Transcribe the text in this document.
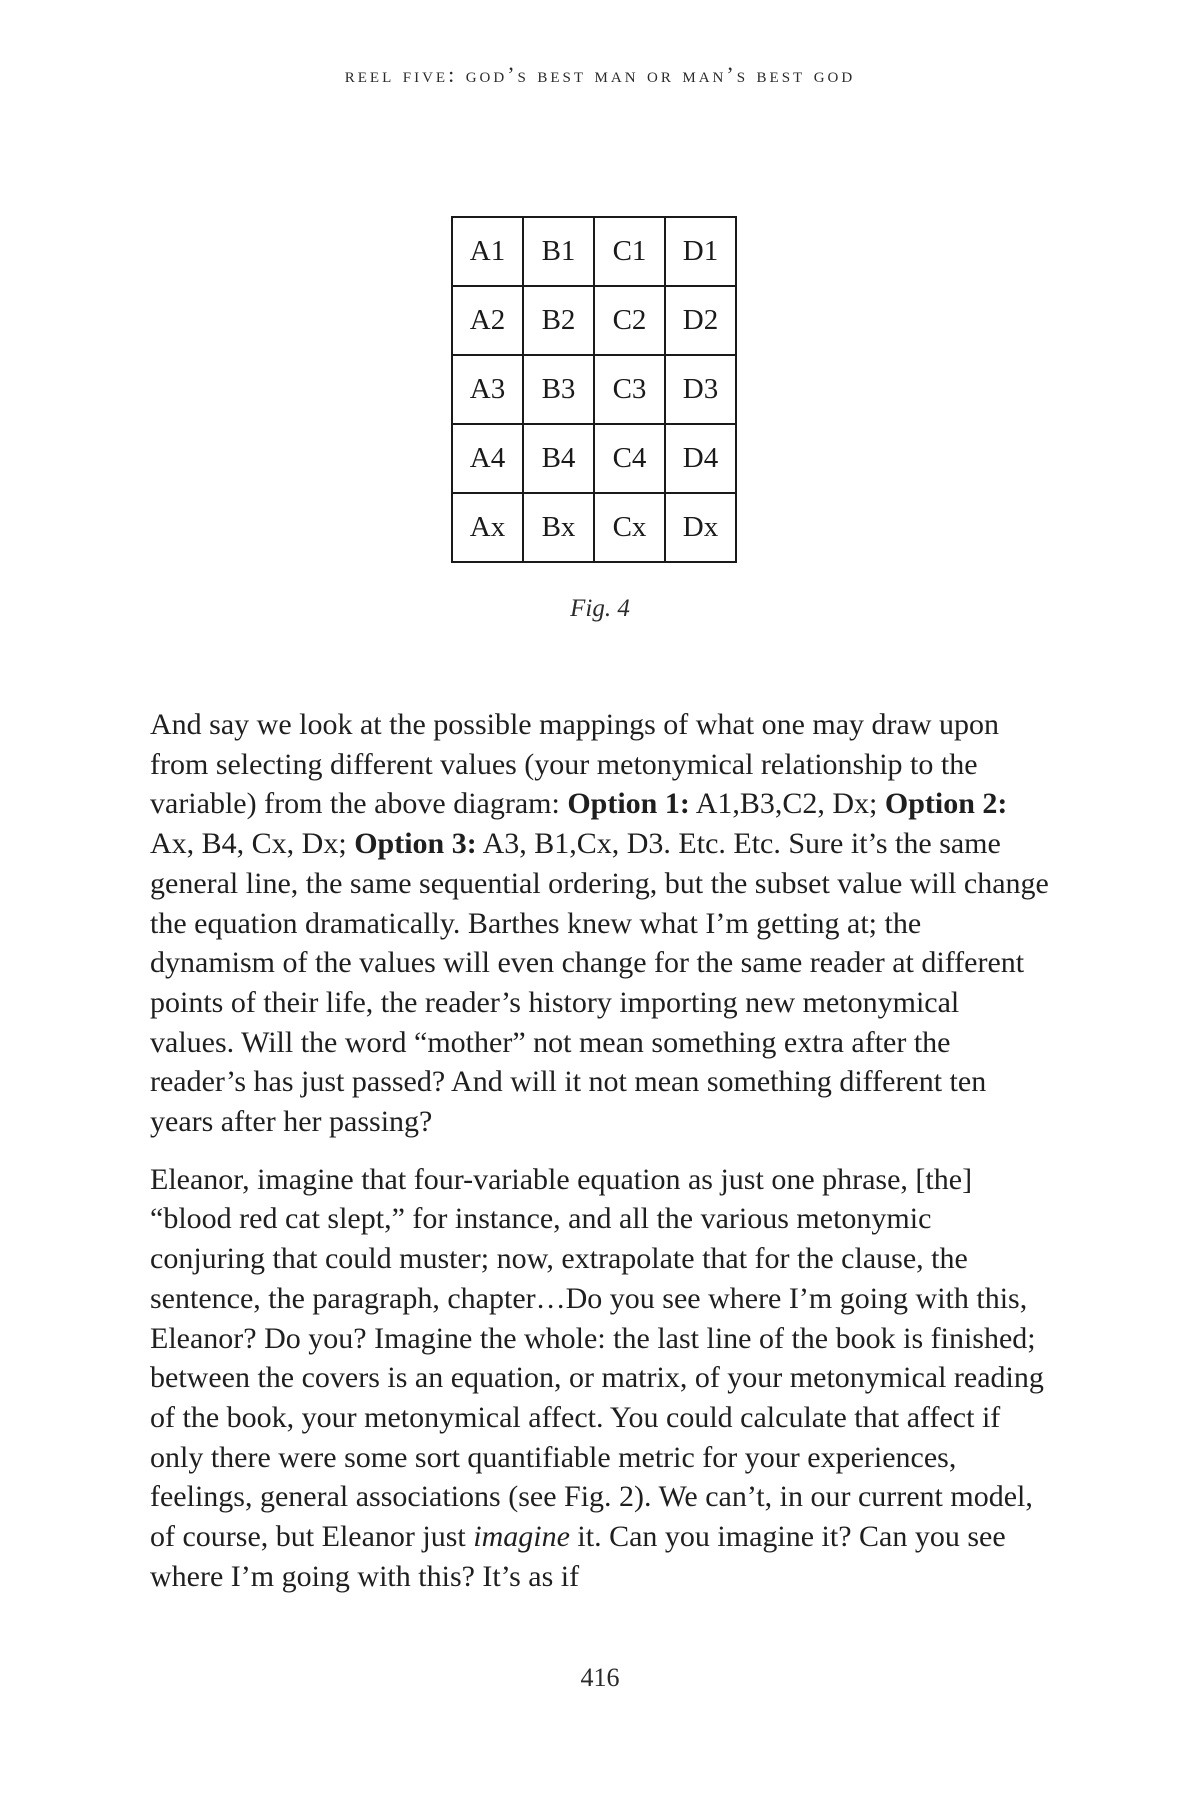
reel five: god’s best man or man’s best god
A1	B1	C1	D1
A2	B2	C2	D2
A3	B3	C3	D3
A4	B4	C4	D4
Ax	Bx	Cx	Dx
Fig. 4

And say we look at the possible mappings of what one may draw upon from selecting different values (your metonymical relationship to the variable) from the above diagram: Option 1: A1,B3,C2, Dx; Option 2: Ax, B4, Cx, Dx; Option 3: A3, B1,Cx, D3. Etc. Etc. Sure it’s the same general line, the same sequential ordering, but the subset value will change the equation dramatically. Barthes knew what I’m getting at; the dynamism of the values will even change for the same reader at different points of their life, the reader’s history importing new metonymical values. Will the word “mother” not mean something extra after the reader’s has just passed? And will it not mean something different ten years after her passing?

Eleanor, imagine that four-variable equation as just one phrase, [the] “blood red cat slept,” for instance, and all the various metonymic conjuring that could muster; now, extrapolate that for the clause, the sentence, the paragraph, chapter…Do you see where I’m going with this, Eleanor? Do you? Imagine the whole: the last line of the book is finished; between the covers is an equation, or matrix, of your metonymical reading of the book, your metonymical affect. You could calculate that affect if only there were some sort quantifiable metric for your experiences, feelings, general associations (see Fig. 2). We can’t, in our current model, of course, but Eleanor just imagine it. Can you imagine it? Can you see where I’m going with this? It’s as if

416
